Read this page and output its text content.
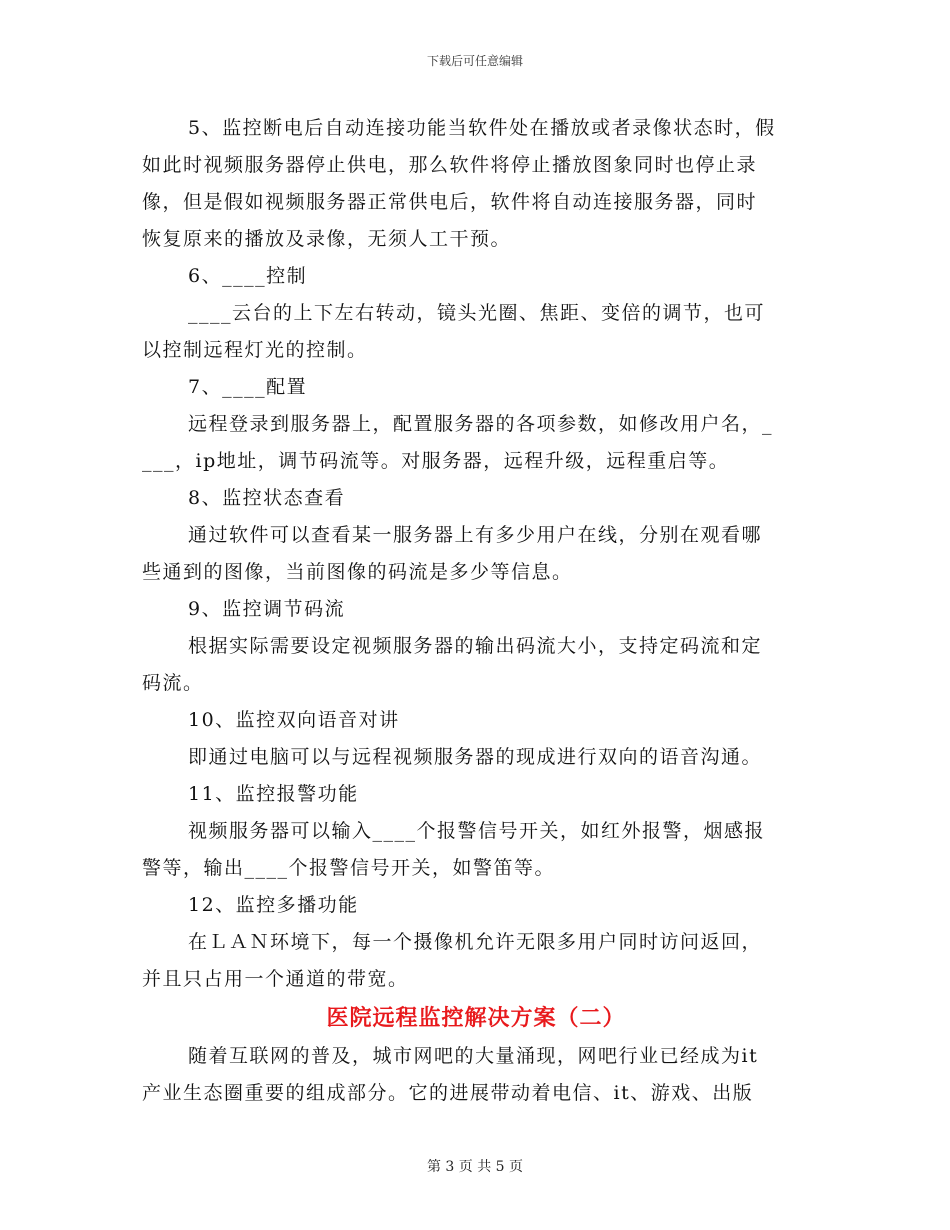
下载后可任意编辑
5、监控断电后自动连接功能当软件处在播放或者录像状态时，假
如此时视频服务器停止供电，那么软件将停止播放图象同时也停止录
像，但是假如视频服务器正常供电后，软件将自动连接服务器，同时
恢复原来的播放及录像，无须人工干预。
6、____控制
____云台的上下左右转动，镜头光圈、焦距、变倍的调节，也可
以控制远程灯光的控制。
7、____配置
远程登录到服务器上，配置服务器的各项参数，如修改用户名，_
___，ip地址，调节码流等。对服务器，远程升级，远程重启等。
8、监控状态查看
通过软件可以查看某一服务器上有多少用户在线，分别在观看哪
些通到的图像，当前图像的码流是多少等信息。
9、监控调节码流
根据实际需要设定视频服务器的输出码流大小，支持定码流和定
码流。
10、监控双向语音对讲
即通过电脑可以与远程视频服务器的现成进行双向的语音沟通。
11、监控报警功能
视频服务器可以输入____个报警信号开关，如红外报警，烟感报
警等，输出____个报警信号开关，如警笛等。
12、监控多播功能
在ＬＡＮ环境下，每一个摄像机允许无限多用户同时访问返回，
并且只占用一个通道的带宽。
医院远程监控解决方案（二）
随着互联网的普及，城市网吧的大量涌现，网吧行业已经成为it
产业生态圈重要的组成部分。它的进展带动着电信、it、游戏、出版
第 3 页 共 5 页
